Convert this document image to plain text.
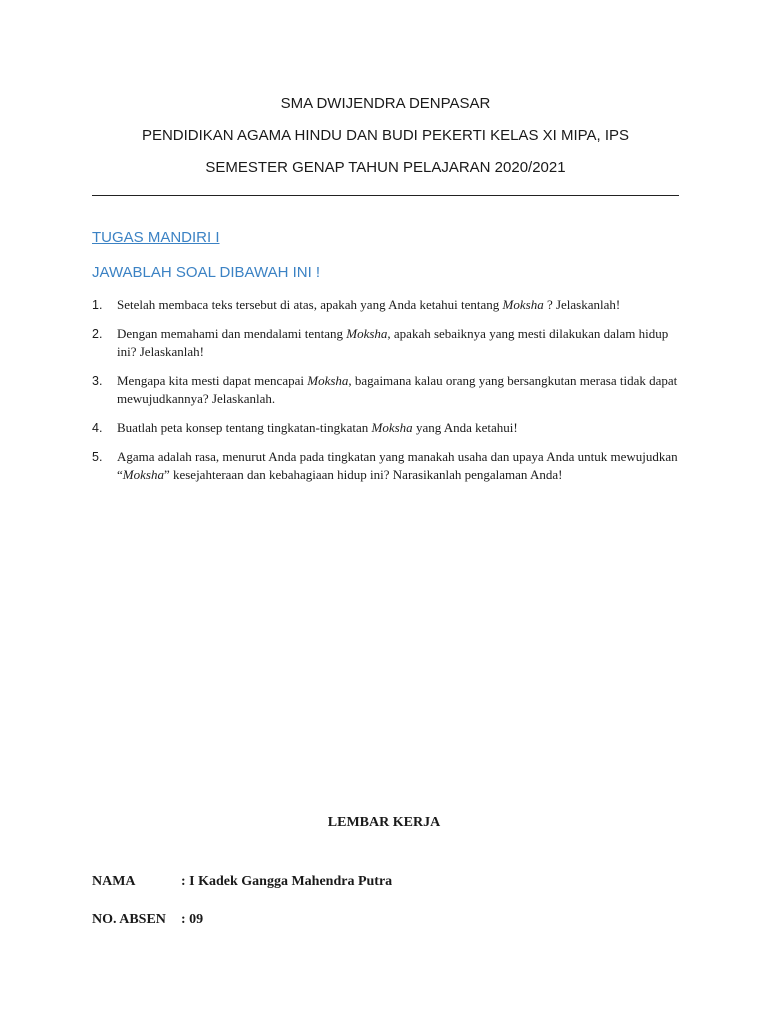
SMA DWIJENDRA DENPASAR
PENDIDIKAN AGAMA HINDU DAN BUDI PEKERTI KELAS XI MIPA, IPS
SEMESTER GENAP TAHUN PELAJARAN 2020/2021
TUGAS MANDIRI I
JAWABLAH SOAL DIBAWAH INI !
1. Setelah membaca teks tersebut di atas, apakah yang Anda ketahui tentang Moksha ? Jelaskanlah!
2. Dengan memahami dan mendalami tentang Moksha, apakah sebaiknya yang mesti dilakukan dalam hidup ini? Jelaskanlah!
3. Mengapa kita mesti dapat mencapai Moksha, bagaimana kalau orang yang bersangkutan merasa tidak dapat mewujudkannya? Jelaskanlah.
4. Buatlah peta konsep tentang tingkatan-tingkatan Moksha yang Anda ketahui!
5. Agama adalah rasa, menurut Anda pada tingkatan yang manakah usaha dan upaya Anda untuk mewujudkan “Moksha” kesejahteraan dan kebahagiaan hidup ini? Narasikanlah pengalaman Anda!
LEMBAR KERJA
NAMA	: I Kadek Gangga Mahendra Putra
NO. ABSEN : 09
